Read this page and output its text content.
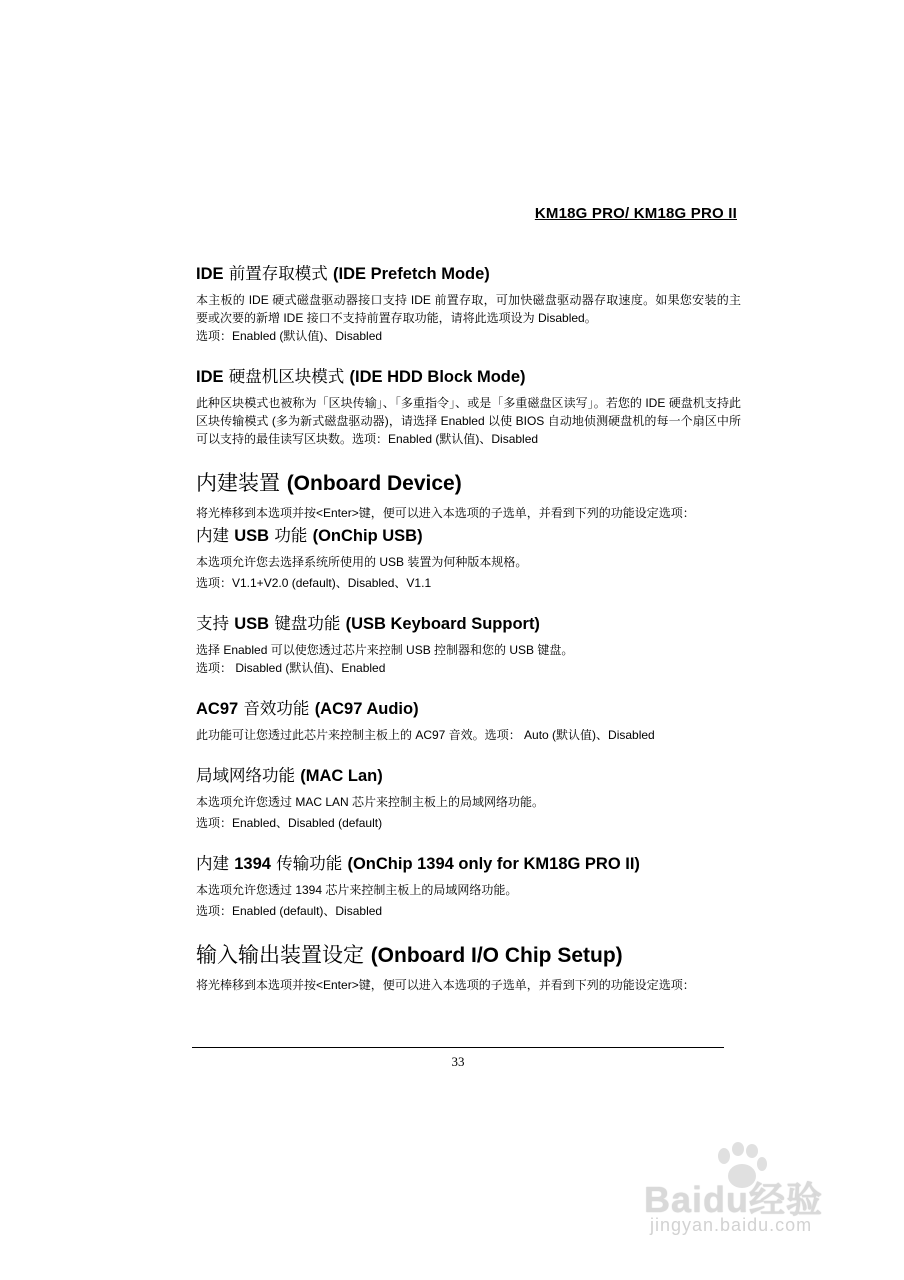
KM18G PRO/ KM18G PRO II
IDE 前置存取模式 (IDE Prefetch Mode)

本主板的 IDE 硬式磁盘驱动器接口支持 IDE 前置存取，可加快磁盘驱动器存取速度。如果您安装的主要或次要的新增 IDE 接口不支持前置存取功能，请将此选项设为 Disabled。

选项：Enabled (默认值)、Disabled

IDE 硬盘机区块模式 (IDE HDD Block Mode)

此种区块模式也被称为「区块传输」、「多重指令」、或是「多重磁盘区读写」。若您的 IDE 硬盘机支持此区块传输模式 (多为新式磁盘驱动器)，请选择 Enabled 以使 BIOS 自动地侦测硬盘机的每一个扇区中所可以支持的最佳读写区块数。选项：Enabled (默认值)、Disabled

内建装置 (Onboard Device)

将光棒移到本选项并按<Enter>键，便可以进入本选项的子选单，并看到下列的功能设定选项：

内建 USB 功能 (OnChip USB)

本选项允许您去选择系统所使用的 USB 装置为何种版本规格。

选项：V1.1+V2.0 (default)、Disabled、V1.1

支持 USB 键盘功能 (USB Keyboard Support)

选择 Enabled 可以使您透过芯片来控制 USB 控制器和您的 USB 键盘。

选项： Disabled (默认值)、Enabled

AC97 音效功能 (AC97 Audio)

此功能可让您透过此芯片来控制主板上的 AC97 音效。选项： Auto (默认值)、Disabled

局域网络功能 (MAC Lan)

本选项允许您透过 MAC LAN 芯片来控制主板上的局域网络功能。

选项：Enabled、Disabled (default)

内建 1394 传输功能 (OnChip 1394 only for KM18G PRO II)

本选项允许您透过 1394 芯片来控制主板上的局域网络功能。

选项：Enabled (default)、Disabled

输入输出装置设定 (Onboard I/O Chip Setup)

将光棒移到本选项并按<Enter>键，便可以进入本选项的子选单，并看到下列的功能设定选项：

33
Baidu经验
jingyan.baidu.com
